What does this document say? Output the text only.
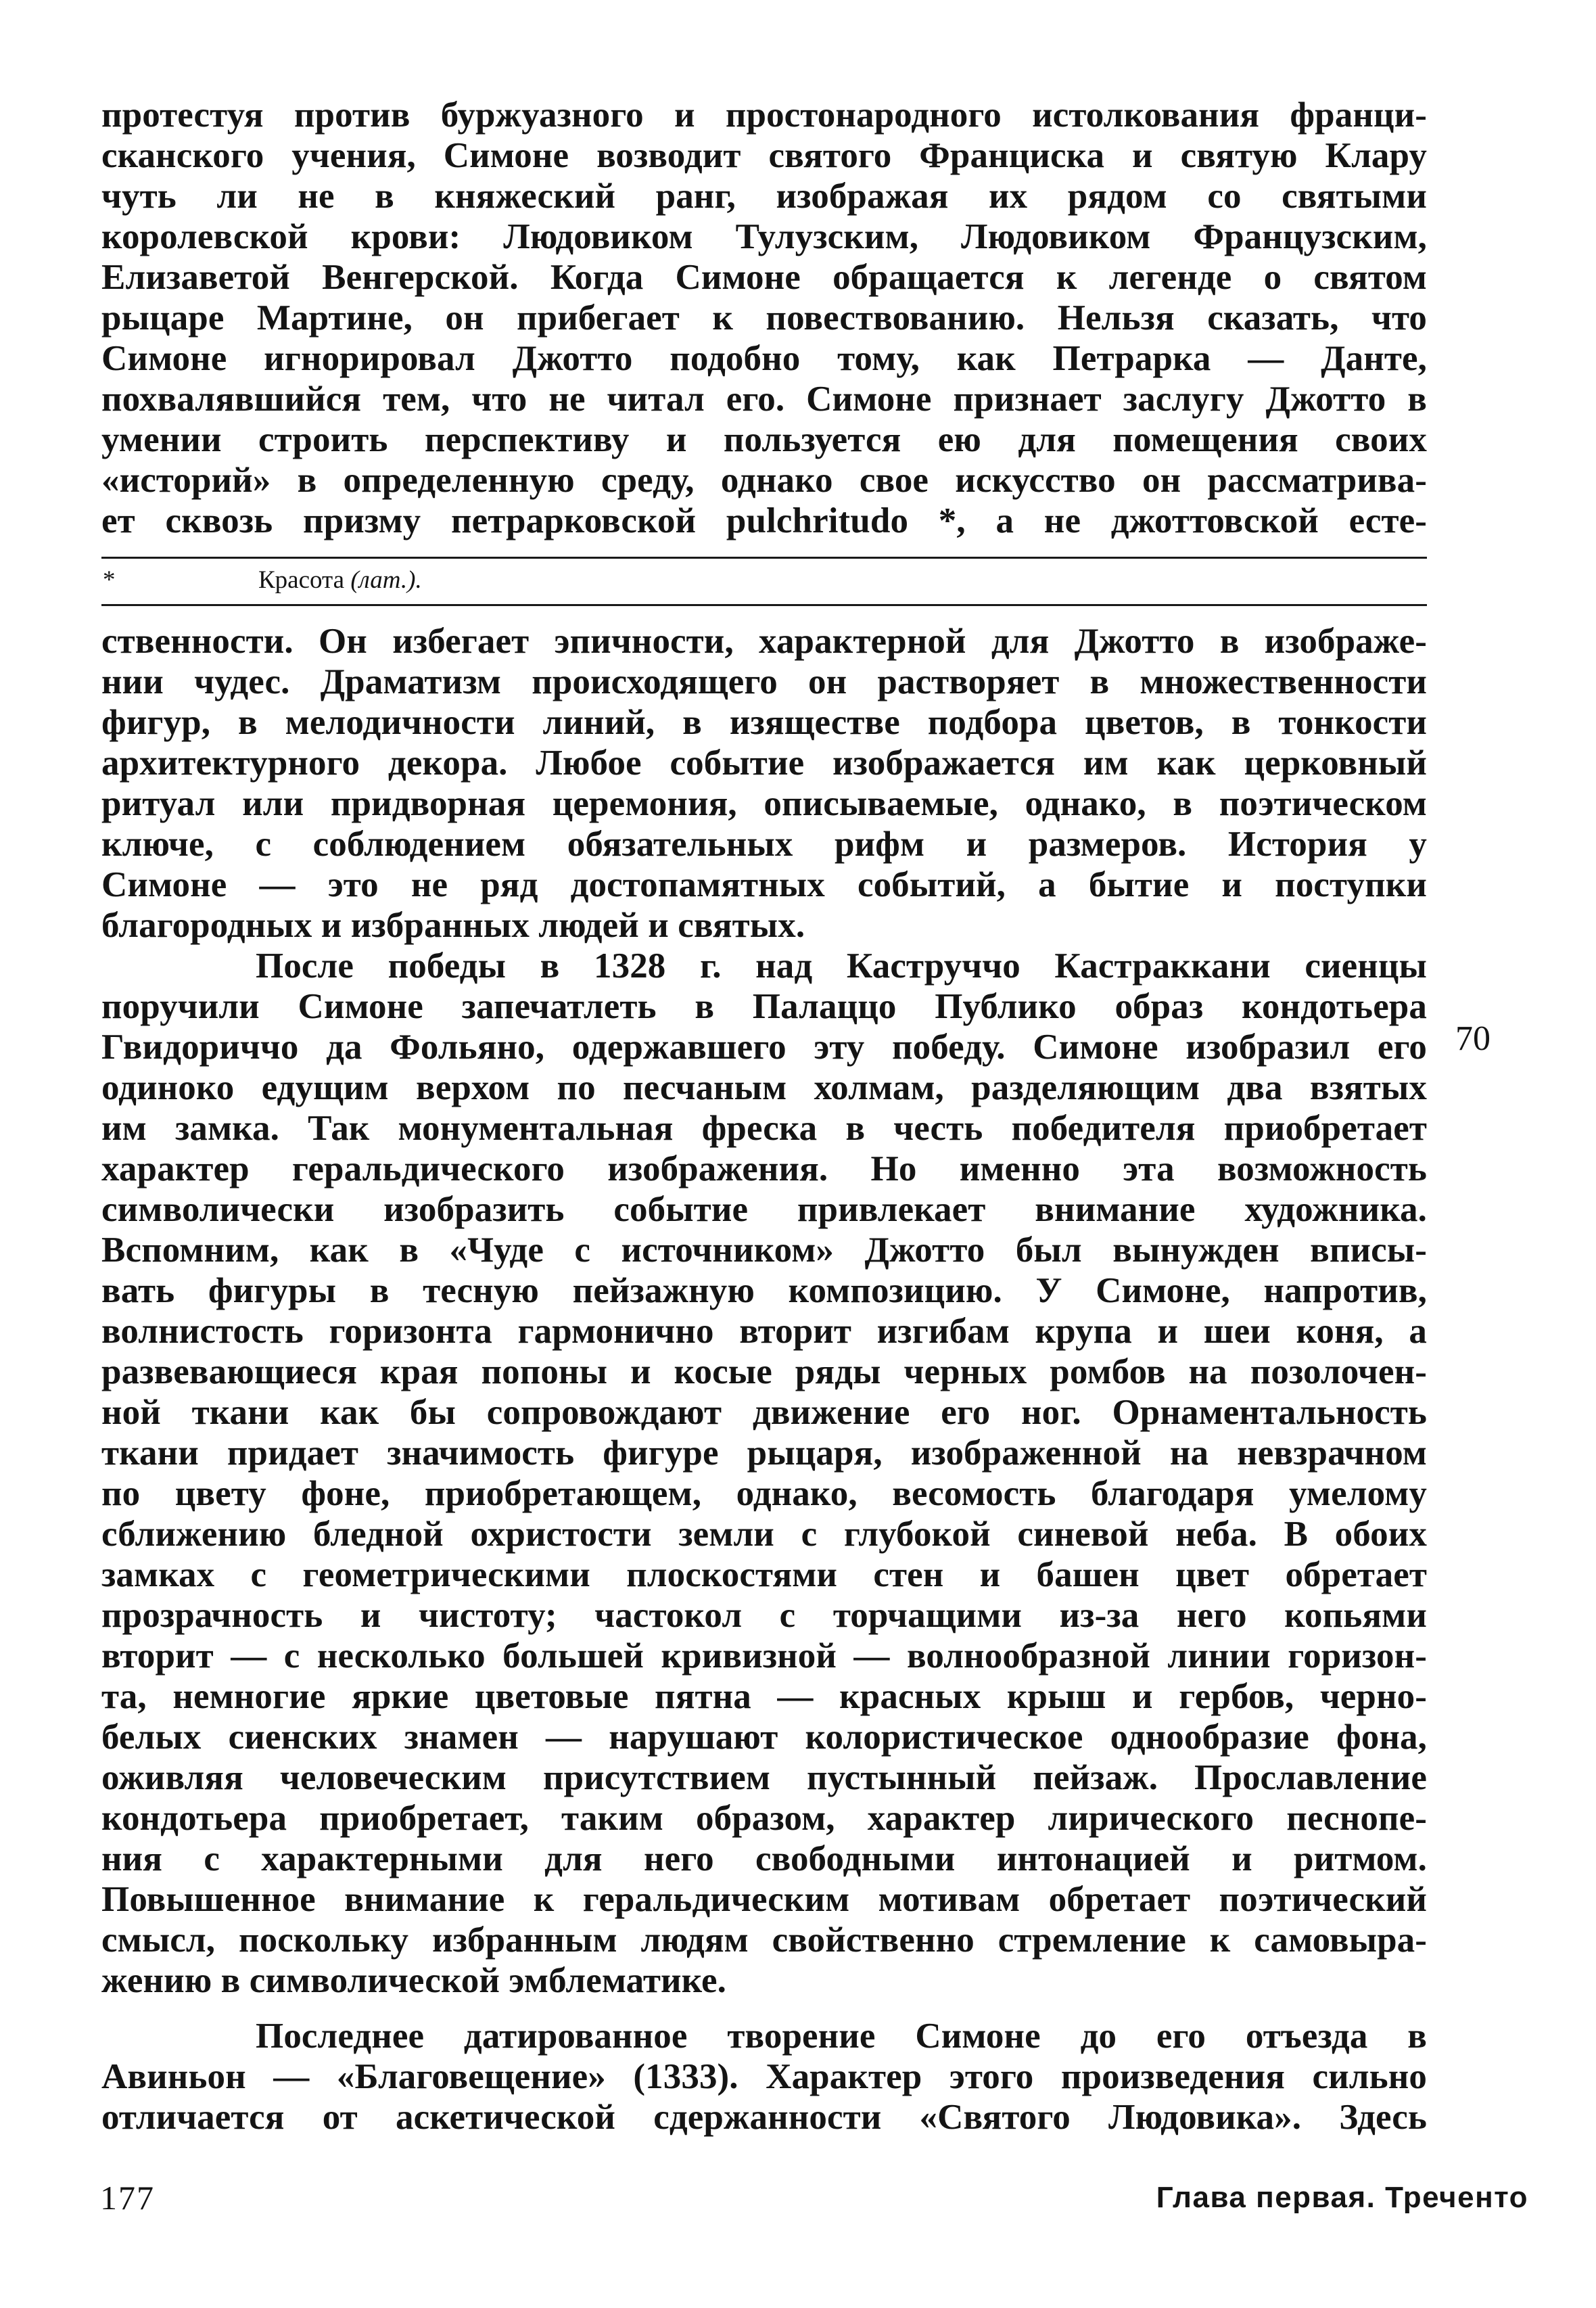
протестуя против буржуазного и простонародного истолкования франци-
сканского учения, Симоне возводит святого Франциска и святую Клару
чуть ли не в княжеский ранг, изображая их рядом со святыми
королевской крови: Людовиком Тулузским, Людовиком Французским,
Елизаветой Венгерской. Когда Симоне обращается к легенде о святом
рыцаре Мартине, он прибегает к повествованию. Нельзя сказать, что
Симоне игнорировал Джотто подобно тому, как Петрарка — Данте,
похвалявшийся тем, что не читал его. Симоне признает заслугу Джотто в
умении строить перспективу и пользуется ею для помещения своих
«историй» в определенную среду, однако свое искусство он рассматрива-
ет сквозь призму петрарковской pulchritudo *, а не джоттовской есте-
*	Красота (лат.).
ственности. Он избегает эпичности, характерной для Джотто в изображе-
нии чудес. Драматизм происходящего он растворяет в множественности
фигур, в мелодичности линий, в изяществе подбора цветов, в тонкости
архитектурного декора. Любое событие изображается им как церковный
ритуал или придворная церемония, описываемые, однако, в поэтическом
ключе, с соблюдением обязательных рифм и размеров. История у
Симоне — это не ряд достопамятных событий, а бытие и поступки
благородных и избранных людей и святых.
После победы в 1328 г. над Каструччо Кастраккани сиенцы
поручили Симоне запечатлеть в Палаццо Публико образ кондотьера
Гвидориччо да Фольяно, одержавшего эту победу. Симоне изобразил его
одиноко едущим верхом по песчаным холмам, разделяющим два взятых
им замка. Так монументальная фреска в честь победителя приобретает
характер геральдического изображения. Но именно эта возможность
символически изобразить событие привлекает внимание художника.
Вспомним, как в «Чуде с источником» Джотто был вынужден вписы-
вать фигуры в тесную пейзажную композицию. У Симоне, напротив,
волнистость горизонта гармонично вторит изгибам крупа и шеи коня, а
развевающиеся края попоны и косые ряды черных ромбов на позолочен-
ной ткани как бы сопровождают движение его ног. Орнаментальность
ткани придает значимость фигуре рыцаря, изображенной на невзрачном
по цвету фоне, приобретающем, однако, весомость благодаря умелому
сближению бледной охристости земли с глубокой синевой неба. В обоих
замках с геометрическими плоскостями стен и башен цвет обретает
прозрачность и чистоту; частокол с торчащими из-за него копьями
вторит — с несколько большей кривизной — волнообразной линии горизон-
та, немногие яркие цветовые пятна — красных крыш и гербов, черно-
белых сиенских знамен — нарушают колористическое однообразие фона,
оживляя человеческим присутствием пустынный пейзаж. Прославление
кондотьера приобретает, таким образом, характер лирического песнопе-
ния с характерными для него свободными интонацией и ритмом.
Повышенное внимание к геральдическим мотивам обретает поэтический
смысл, поскольку избранным людям свойственно стремление к самовыра-
жению в символической эмблематике.
70
Последнее датированное творение Симоне до его отъезда в
Авиньон — «Благовещение» (1333). Характер этого произведения сильно
отличается от аскетической сдержанности «Святого Людовика». Здесь
177	Глава первая. Треченто
